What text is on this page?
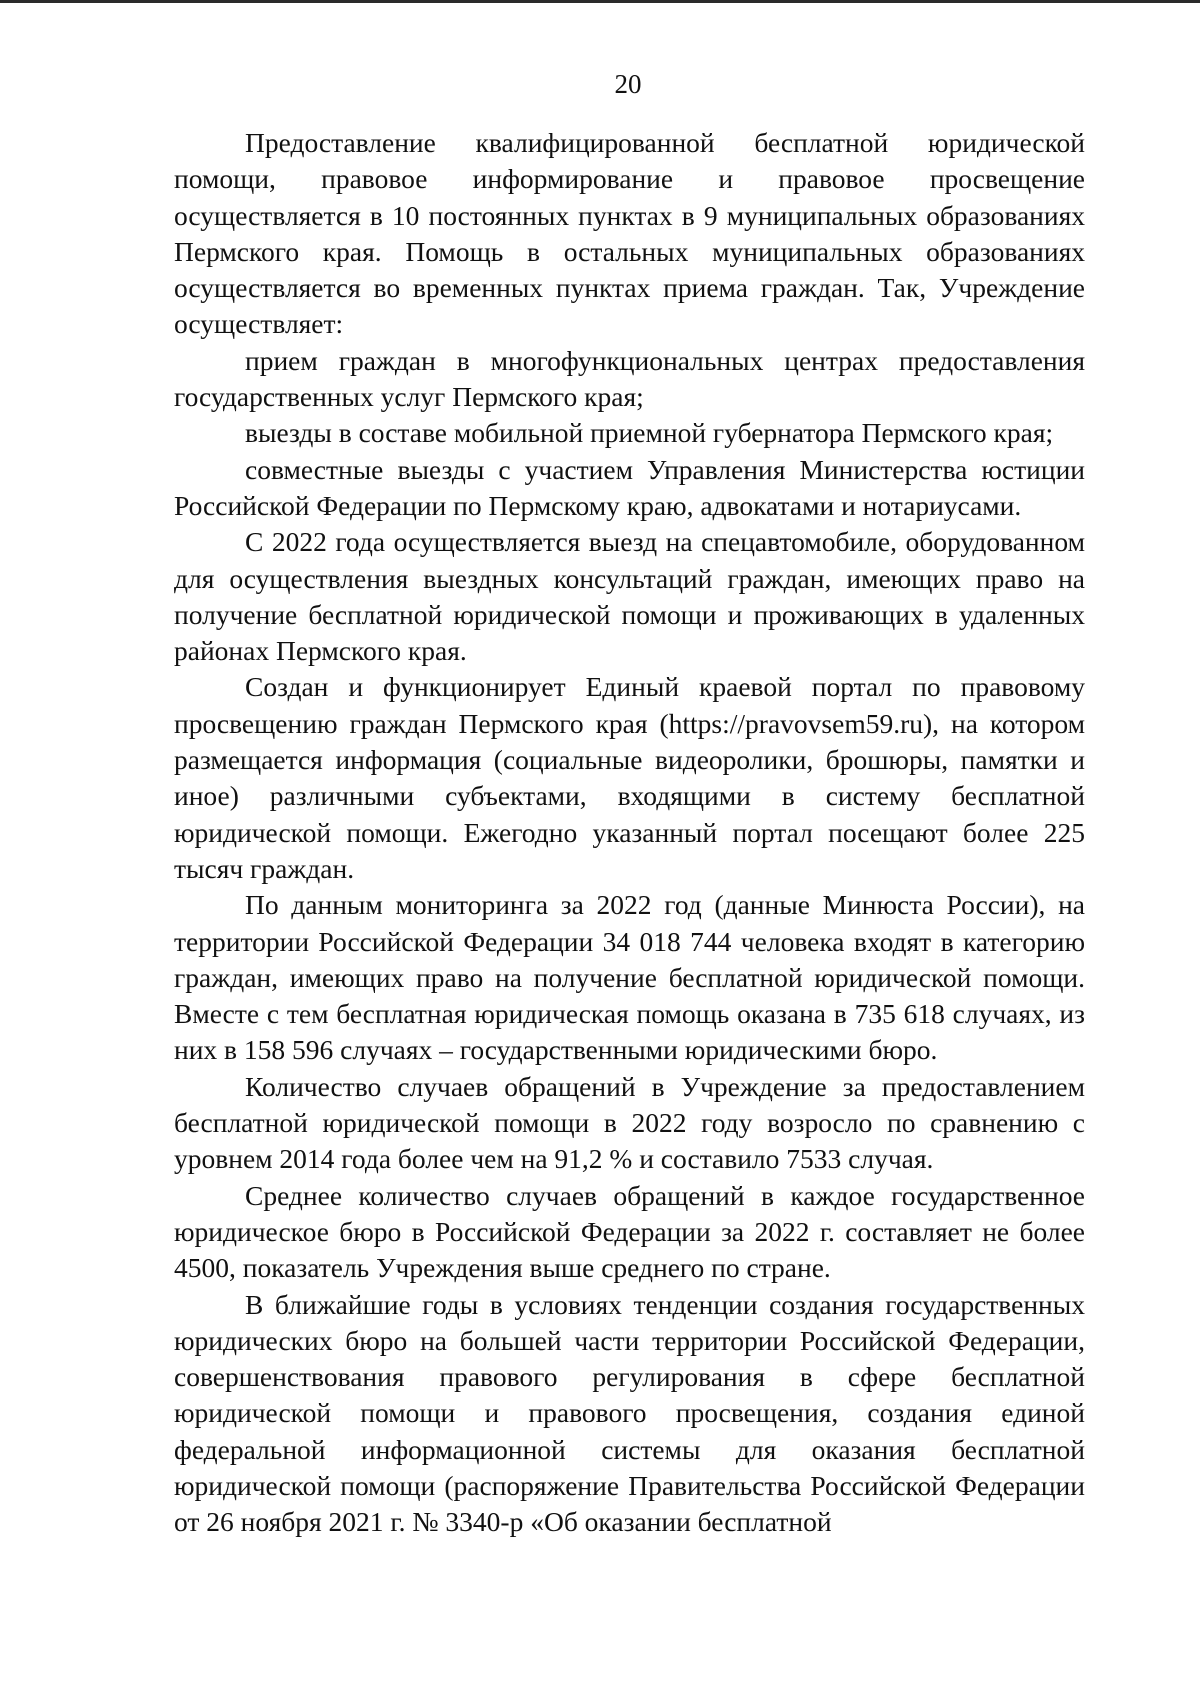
20

Предоставление квалифицированной бесплатной юридической помощи, правовое информирование и правовое просвещение осуществляется в 10 постоянных пунктах в 9 муниципальных образованиях Пермского края. Помощь в остальных муниципальных образованиях осуществляется во временных пунктах приема граждан. Так, Учреждение осуществляет:

прием граждан в многофункциональных центрах предоставления государственных услуг Пермского края;

выезды в составе мобильной приемной губернатора Пермского края;

совместные выезды с участием Управления Министерства юстиции Российской Федерации по Пермскому краю, адвокатами и нотариусами.

С 2022 года осуществляется выезд на спецавтомобиле, оборудованном для осуществления выездных консультаций граждан, имеющих право на получение бесплатной юридической помощи и проживающих в удаленных районах Пермского края.

Создан и функционирует Единый краевой портал по правовому просвещению граждан Пермского края (https://pravovsem59.ru), на котором размещается информация (социальные видеоролики, брошюры, памятки и иное) различными субъектами, входящими в систему бесплатной юридической помощи. Ежегодно указанный портал посещают более 225 тысяч граждан.

По данным мониторинга за 2022 год (данные Минюста России), на территории Российской Федерации 34 018 744 человека входят в категорию граждан, имеющих право на получение бесплатной юридической помощи. Вместе с тем бесплатная юридическая помощь оказана в 735 618 случаях, из них в 158 596 случаях – государственными юридическими бюро.

Количество случаев обращений в Учреждение за предоставлением бесплатной юридической помощи в 2022 году возросло по сравнению с уровнем 2014 года более чем на 91,2 % и составило 7533 случая.

Среднее количество случаев обращений в каждое государственное юридическое бюро в Российской Федерации за 2022 г. составляет не более 4500, показатель Учреждения выше среднего по стране.

В ближайшие годы в условиях тенденции создания государственных юридических бюро на большей части территории Российской Федерации, совершенствования правового регулирования в сфере бесплатной юридической помощи и правового просвещения, создания единой федеральной информационной системы для оказания бесплатной юридической помощи (распоряжение Правительства Российской Федерации от 26 ноября 2021 г. № 3340-р «Об оказании бесплатной
